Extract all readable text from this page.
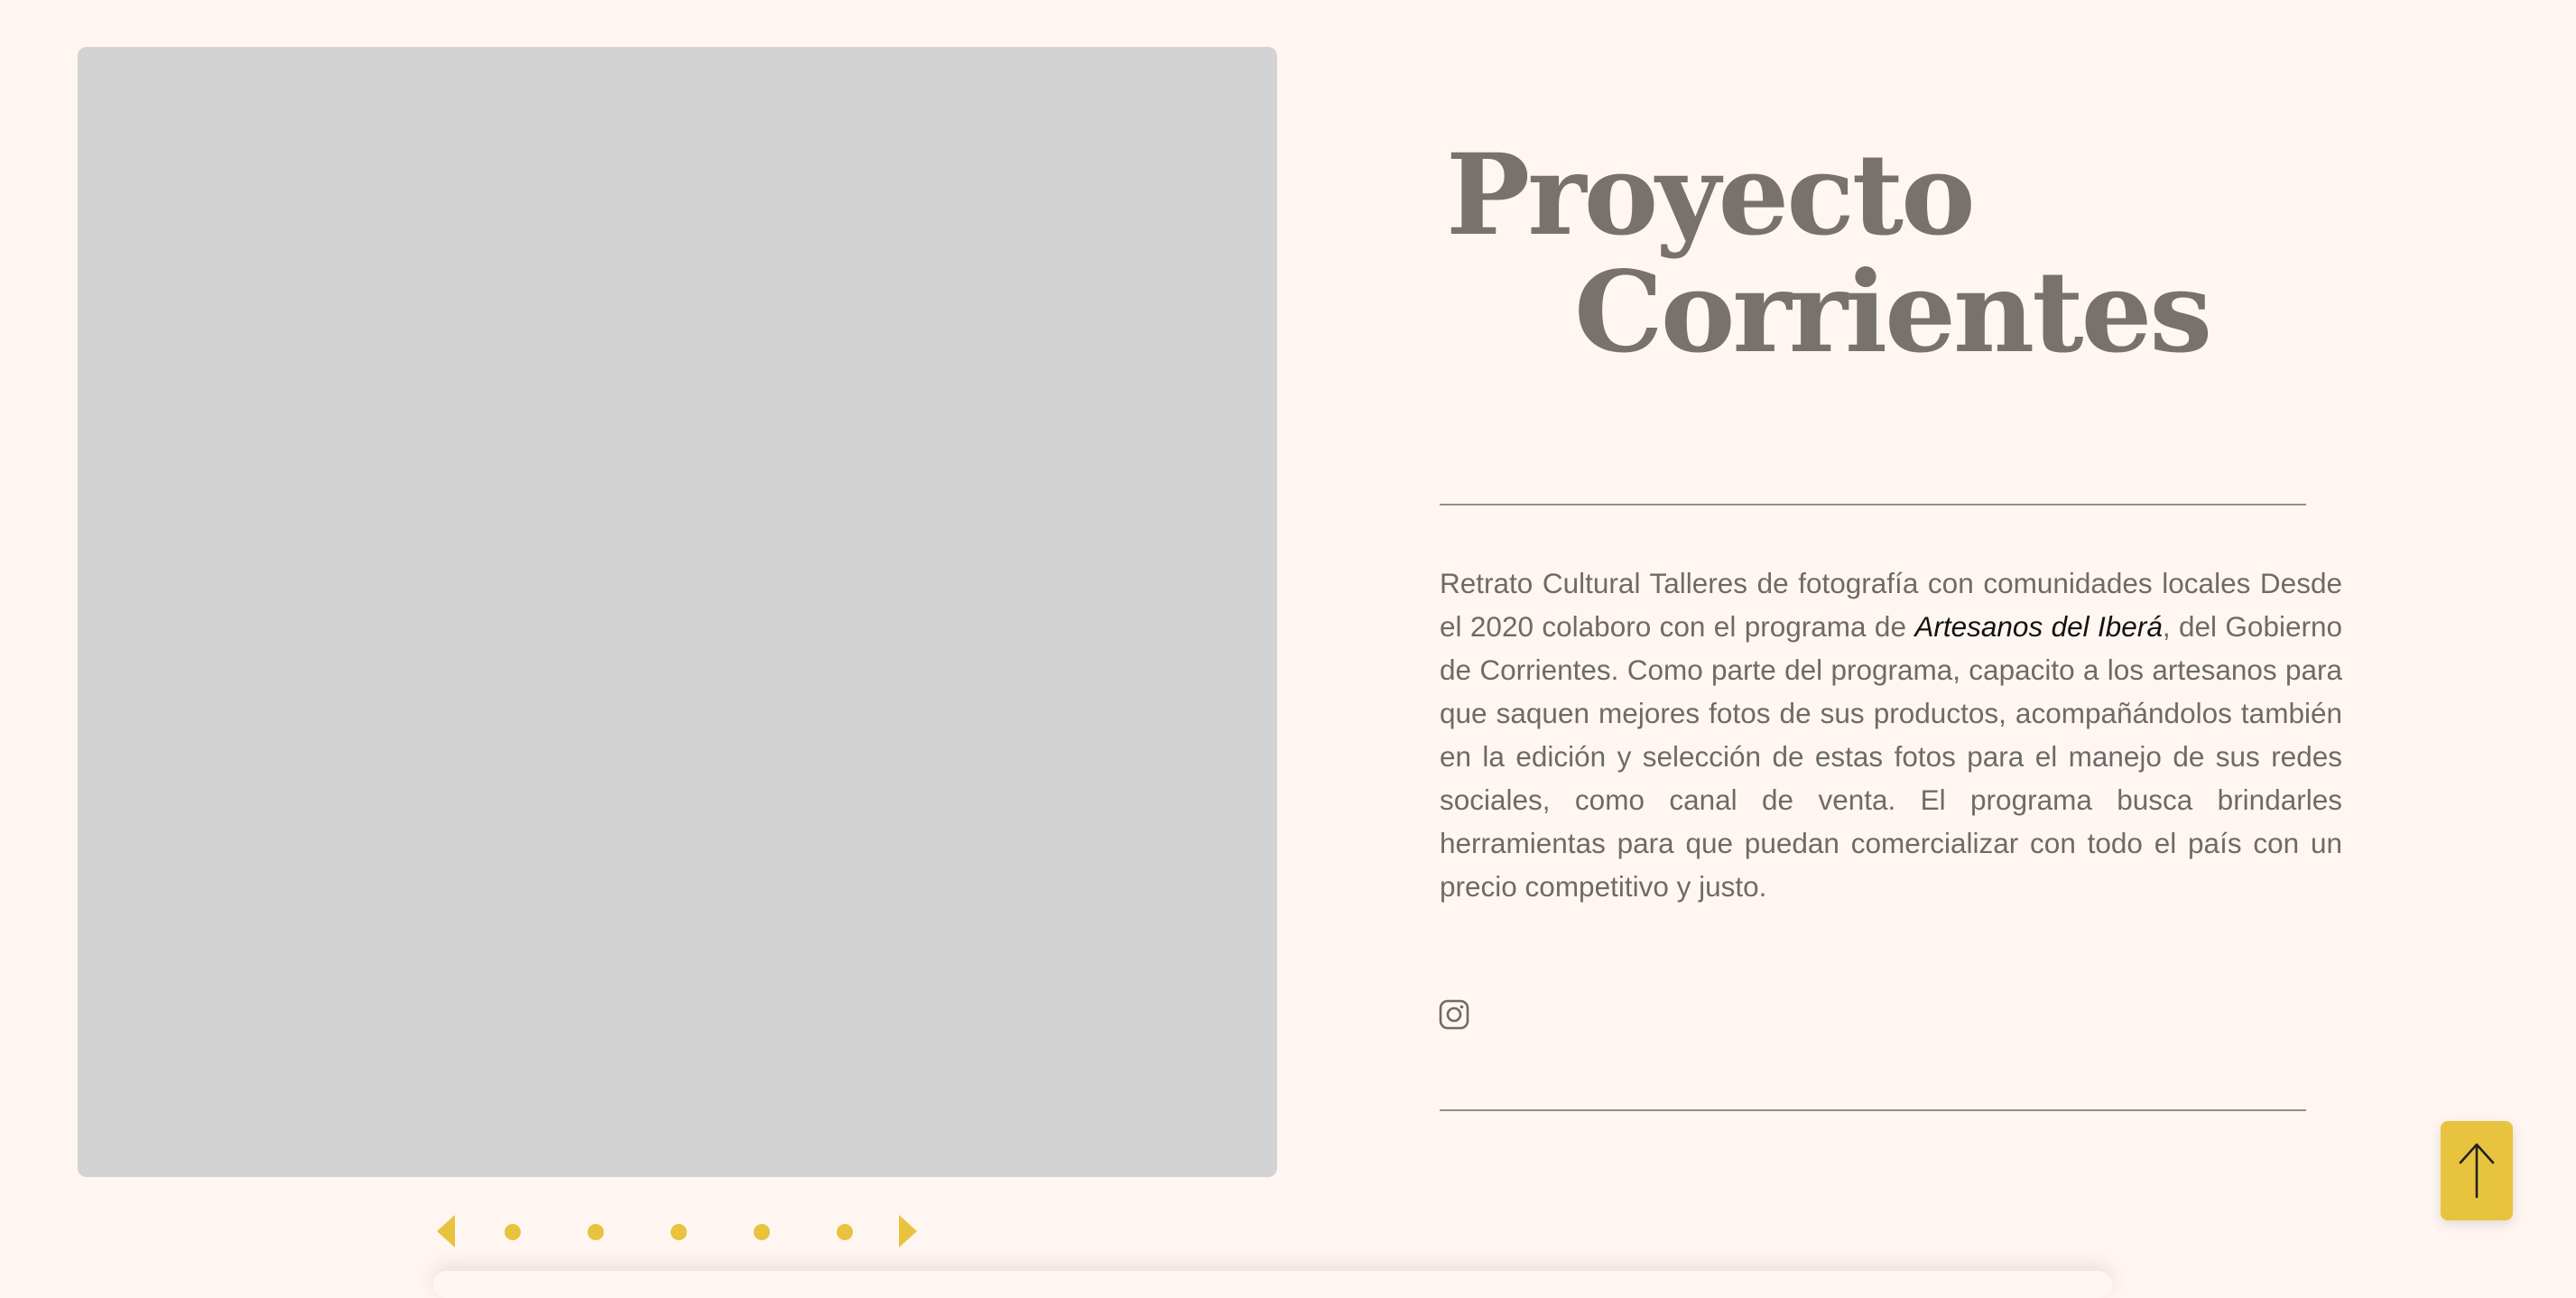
Proyecto
Corrientes

Retrato Cultural Talleres de fotografía con comunidades locales Desde el 2020 colaboro con el programa de Artesanos del Iberá, del Gobierno de Corrientes. Como parte del programa, capacito a los artesanos para que saquen mejores fotos de sus productos, acompañándolos también en la edición y selección de estas fotos para el manejo de sus redes sociales, como canal de venta. El programa busca brindarles herramientas para que puedan comercializar con todo el país con un precio competitivo y justo.
